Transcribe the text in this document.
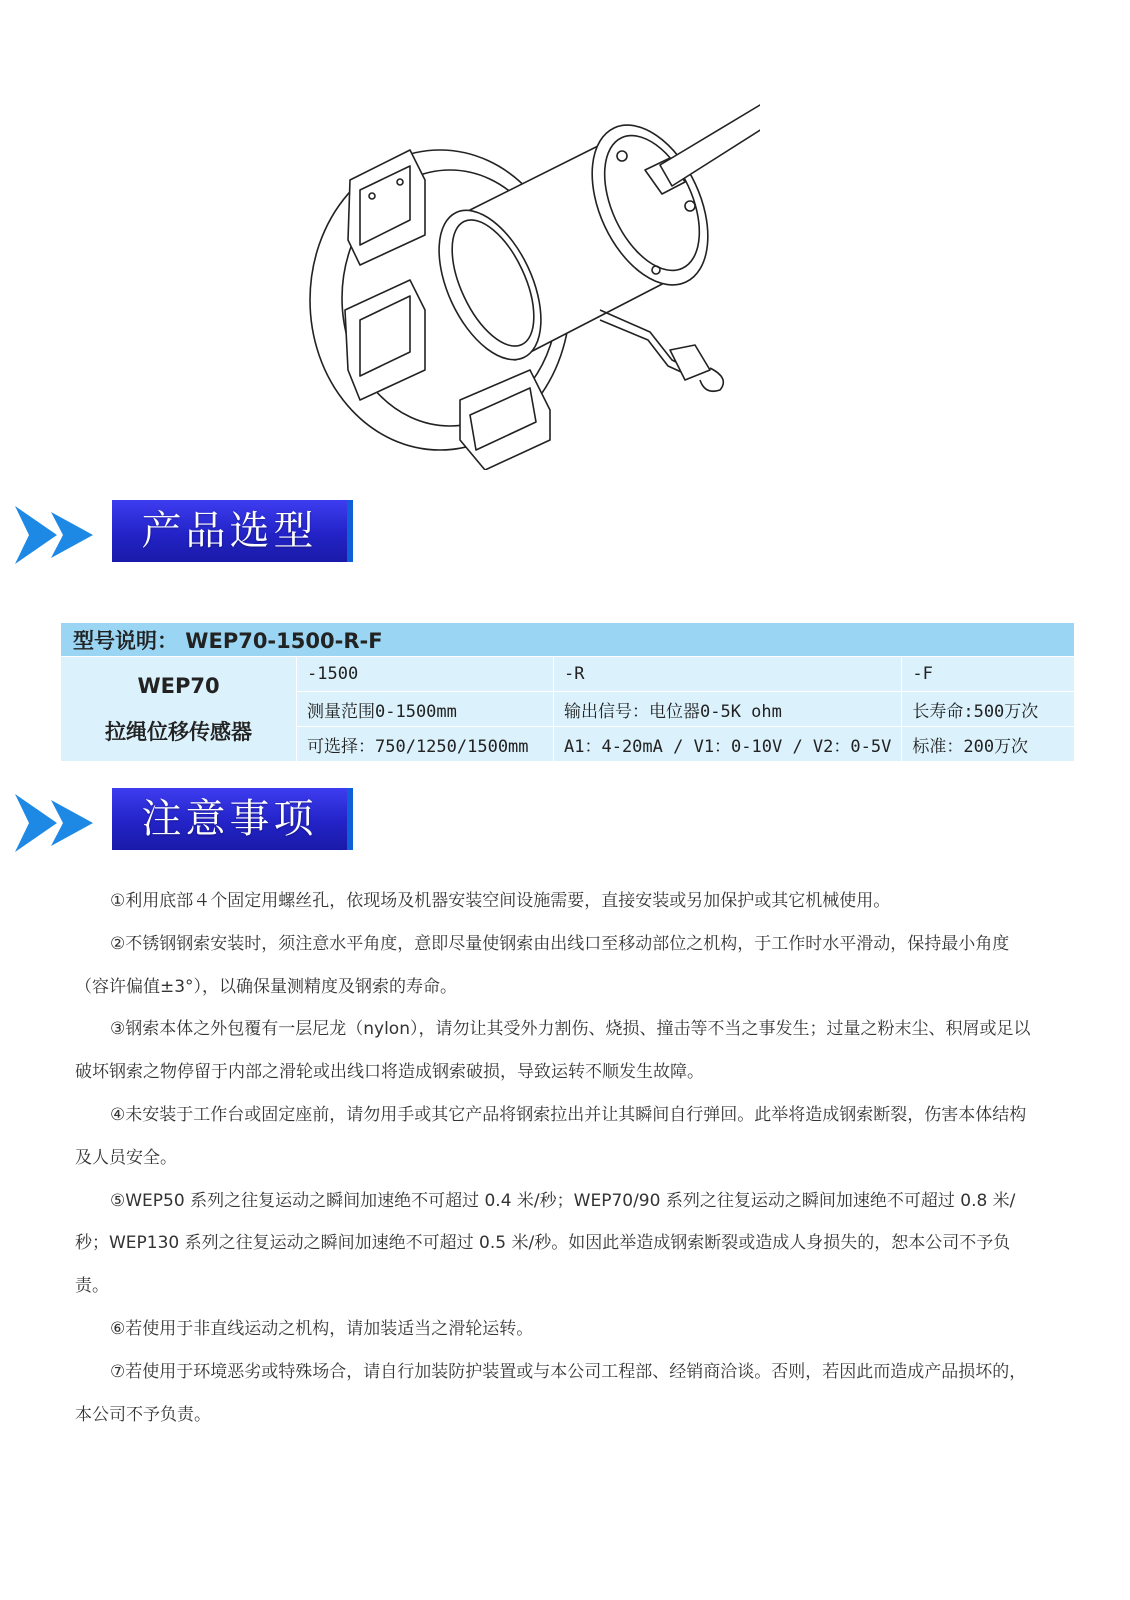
产品选型
型号说明： WEP70-1500-R-F			

WEP70
拉绳位移传感器	-1500	-R	-F
	测量范围0-1500mm	输出信号：电位器0-5K ohm	长寿命:500万次
	可选择：750/1250/1500mm	A1：4-20mA / V1：0-10V / V2：0-5V	标准：200万次
注意事项

①利用底部４个固定用螺丝孔，依现场及机器安装空间设施需要，直接安装或另加保护或其它机械使用。

②不锈钢钢索安装时，须注意水平角度，意即尽量使钢索由出线口至移动部位之机构，于工作时水平滑动，保持最小角度（容许偏值±3°），以确保量测精度及钢索的寿命。

③钢索本体之外包覆有一层尼龙（nylon），请勿让其受外力割伤、烧损、撞击等不当之事发生；过量之粉末尘、积屑或足以破坏钢索之物停留于内部之滑轮或出线口将造成钢索破损，导致运转不顺发生故障。

④未安装于工作台或固定座前，请勿用手或其它产品将钢索拉出并让其瞬间自行弹回。此举将造成钢索断裂，伤害本体结构及人员安全。

⑤WEP50 系列之往复运动之瞬间加速绝不可超过 0.4 米/秒；WEP70/90 系列之往复运动之瞬间加速绝不可超过 0.8 米/秒；WEP130 系列之往复运动之瞬间加速绝不可超过 0.5 米/秒。如因此举造成钢索断裂或造成人身损失的，恕本公司不予负责。

⑥若使用于非直线运动之机构，请加装适当之滑轮运转。

⑦若使用于环境恶劣或特殊场合，请自行加装防护装置或与本公司工程部、经销商洽谈。否则，若因此而造成产品损坏的，本公司不予负责。
